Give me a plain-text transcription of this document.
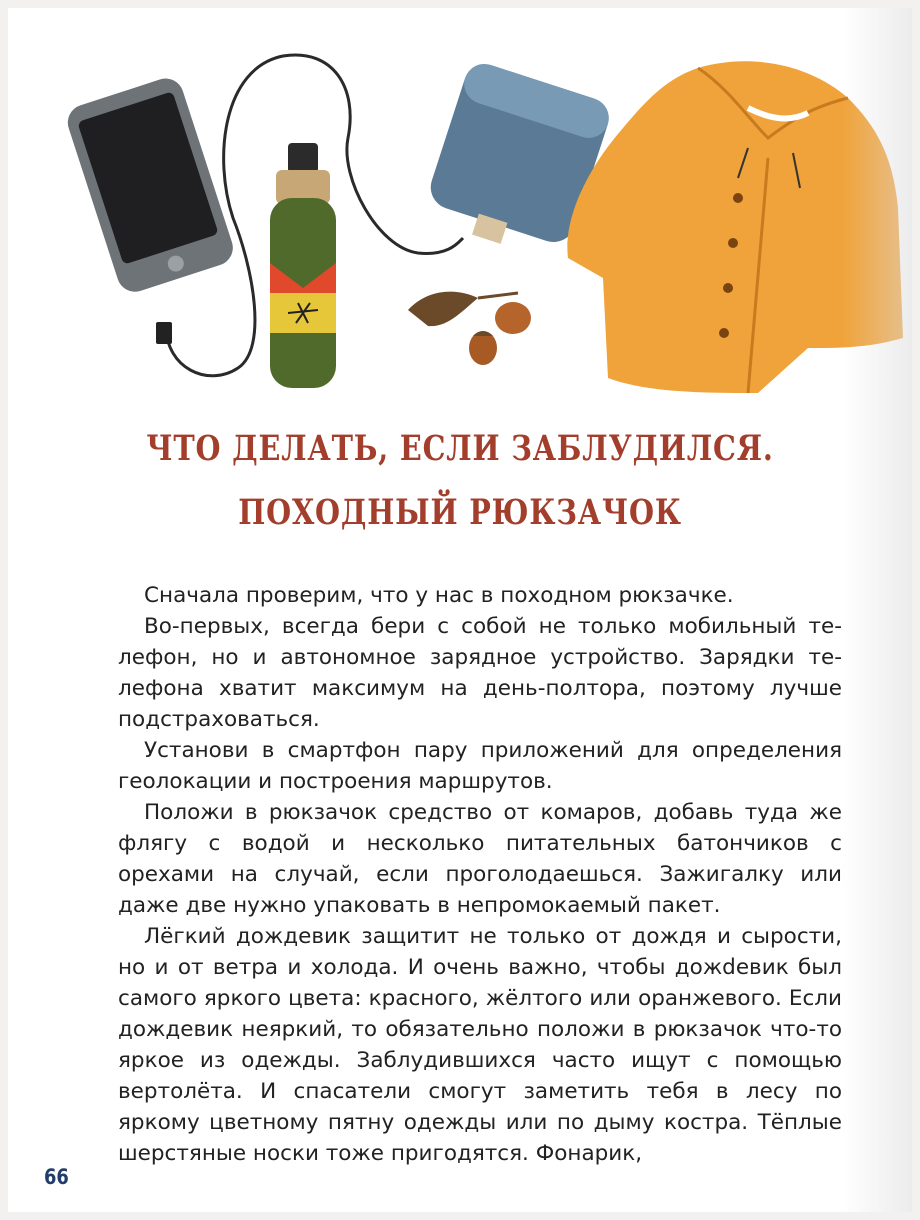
ЧТО ДЕЛАТЬ, ЕСЛИ ЗАБЛУДИЛСЯ.
ПОХОДНЫЙ РЮКЗАЧОК

Сначала проверим, что у нас в походном рюкзачке.

Во-первых, всегда бери с собой не только мобильный телефон, но и автономное зарядное устройство. Зарядки телефона хватит максимум на день-полтора, поэтому лучше подстраховаться.

Установи в смартфон пару приложений для определения геолокации и построения маршрутов.

Положи в рюкзачок средство от комаров, добавь туда же флягу с водой и несколько питательных батончиков с орехами на случай, если проголодаешься. Зажигалку или даже две нужно упаковать в непромокаемый пакет.

Лёгкий дождевик защитит не только от дождя и сырости, но и от ветра и холода. И очень важно, чтобы дожdевик был самого яркого цвета: красного, жёлтого или оранжевого. Если дождевик неяркий, то обязательно положи в рюкзачок что-то яркое из одежды. Заблудившихся часто ищут с помощью вертолёта. И спасатели смогут заметить тебя в лесу по яркому цветному пятну одежды или по дыму костра. Тёплые шерстяные носки тоже пригодятся. Фонарик,

66
